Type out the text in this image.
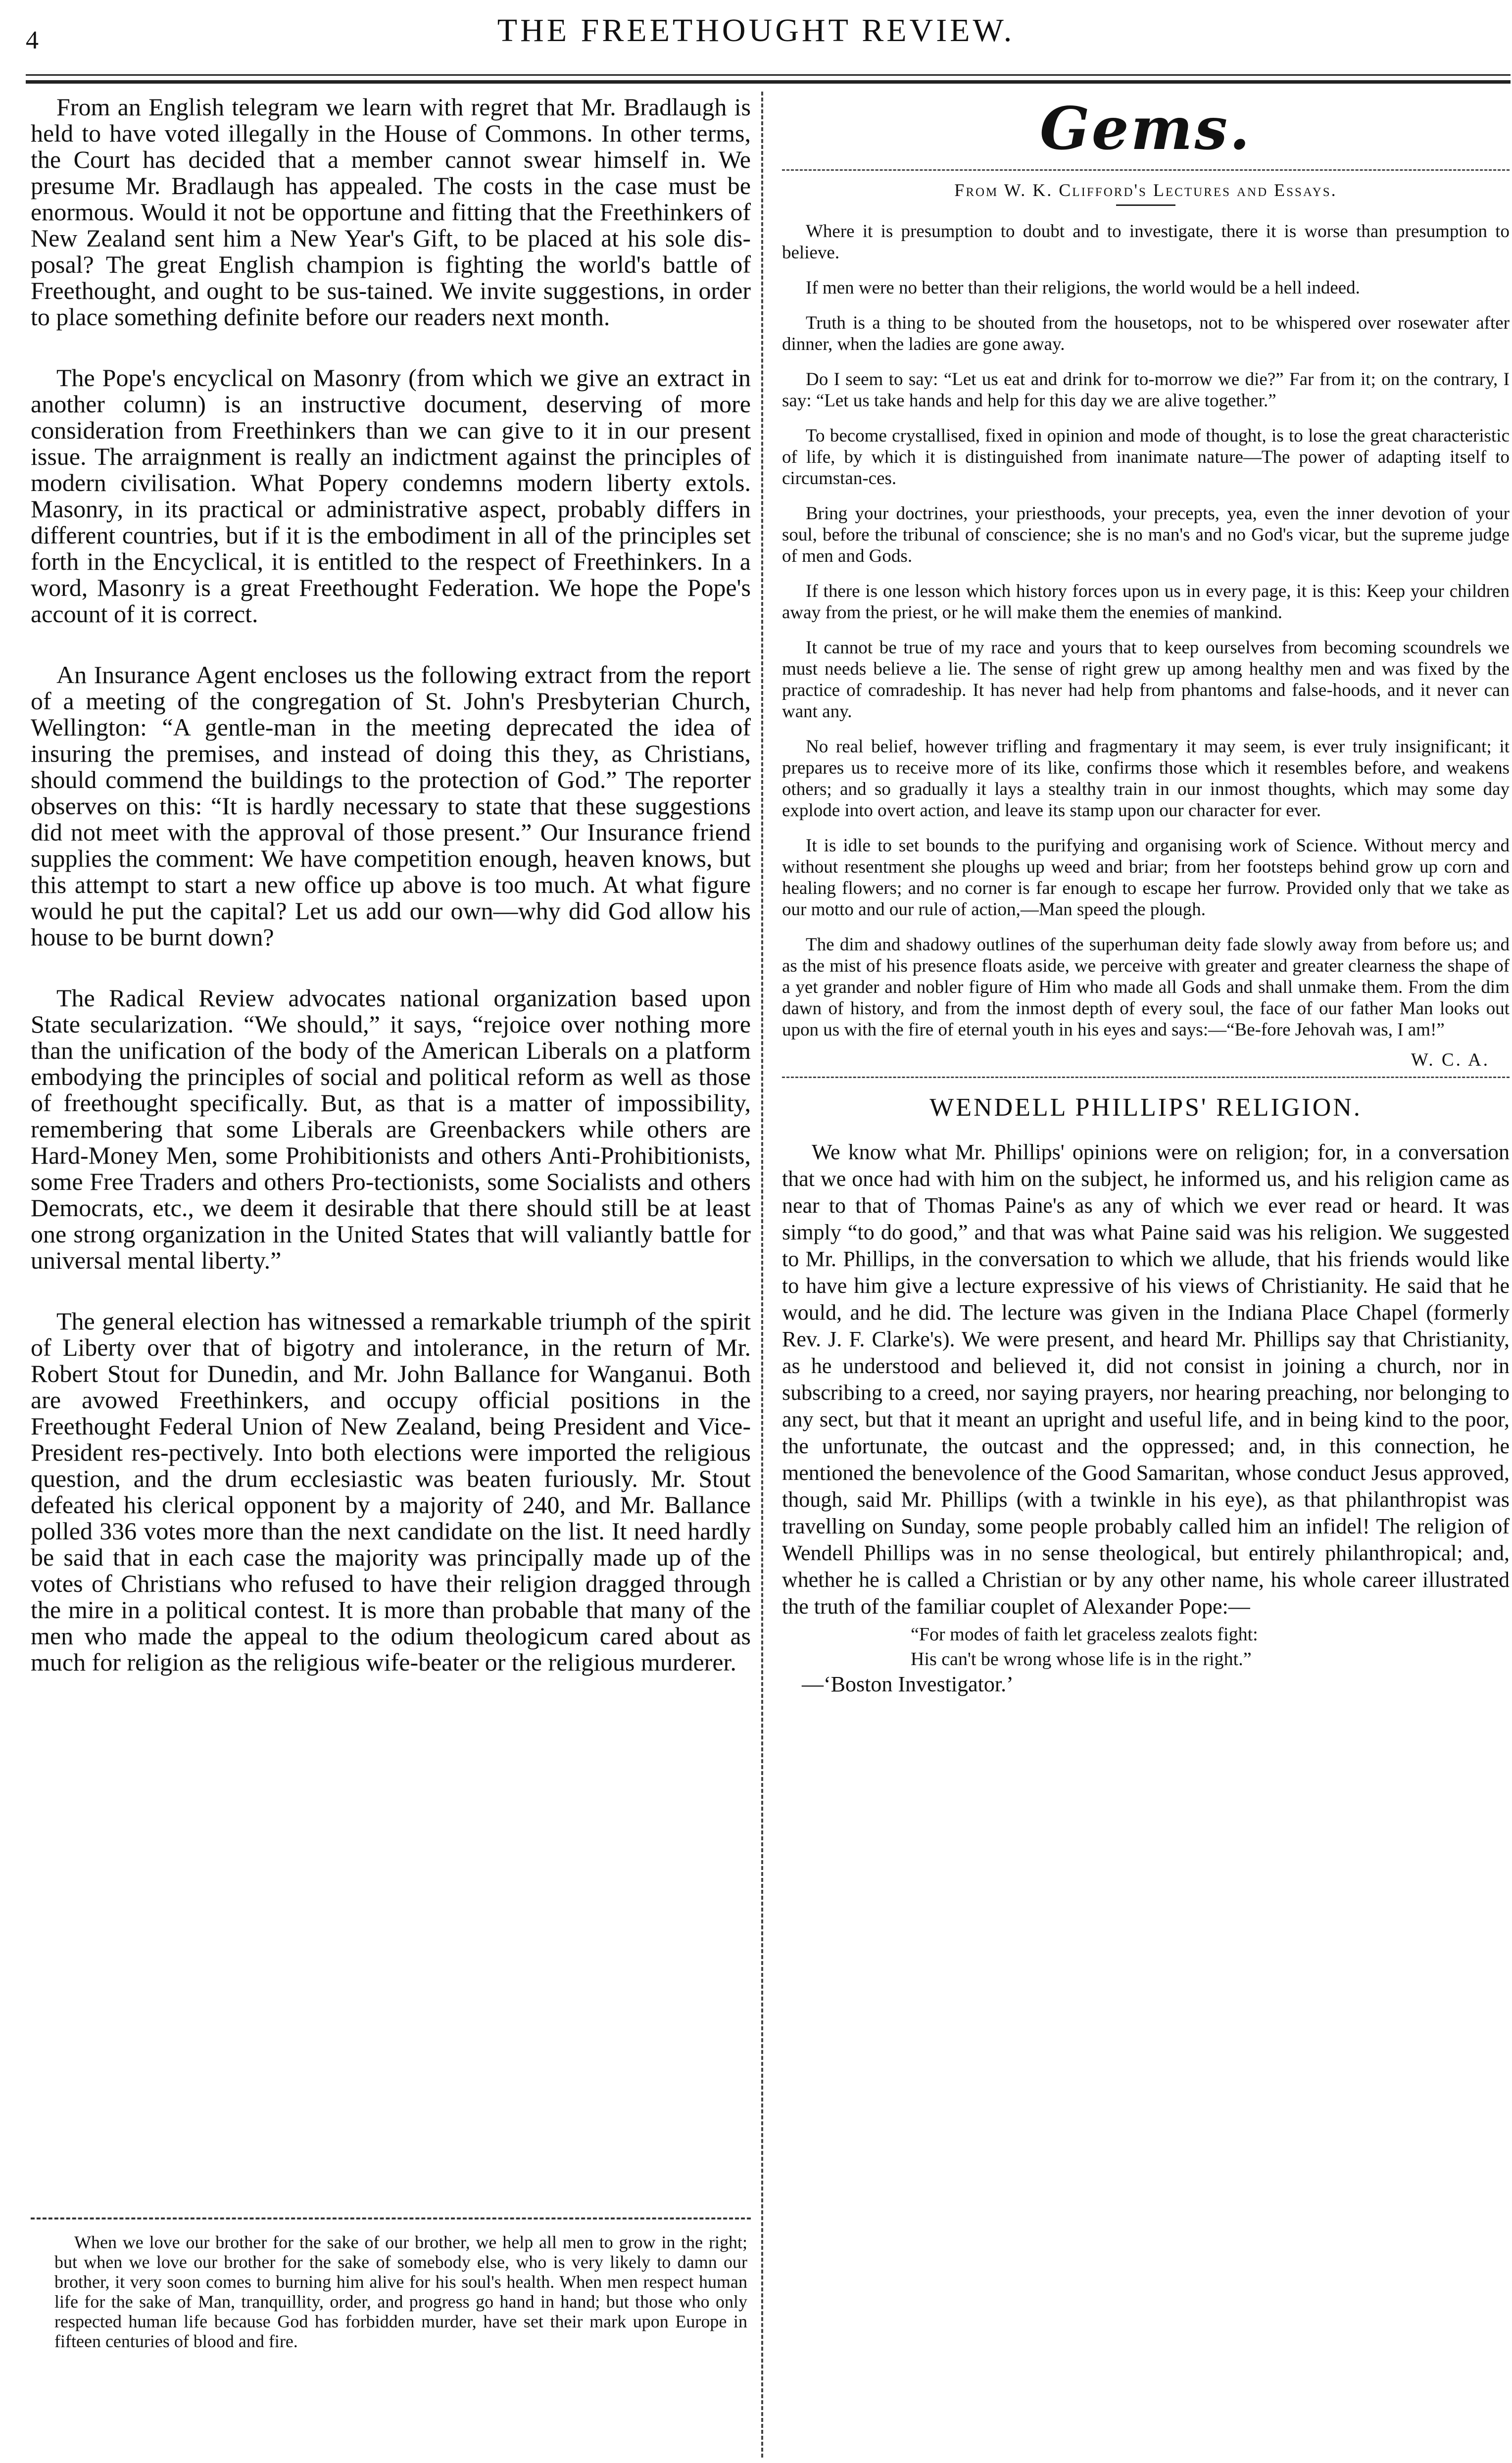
4	THE FREETHOUGHT REVIEW.

From an English telegram we learn with regret that Mr. Bradlaugh is held to have voted illegally in the House of Commons. In other terms, the Court has decided that a member cannot swear himself in. We presume Mr. Bradlaugh has appealed. The costs in the case must be enormous. Would it not be opportune and fitting that the Freethinkers of New Zealand sent him a New Year's Gift, to be placed at his sole dis-posal? The great English champion is fighting the world's battle of Freethought, and ought to be sus-tained. We invite suggestions, in order to place something definite before our readers next month.

The Pope's encyclical on Masonry (from which we give an extract in another column) is an instructive document, deserving of more consideration from Freethinkers than we can give to it in our present issue. The arraignment is really an indictment against the principles of modern civilisation. What Popery condemns modern liberty extols. Masonry, in its practical or administrative aspect, probably differs in different countries, but if it is the embodiment in all of the principles set forth in the Encyclical, it is entitled to the respect of Freethinkers. In a word, Masonry is a great Freethought Federation. We hope the Pope's account of it is correct.

An Insurance Agent encloses us the following extract from the report of a meeting of the congregation of St. John's Presbyterian Church, Wellington: “A gentle-man in the meeting deprecated the idea of insuring the premises, and instead of doing this they, as Christians, should commend the buildings to the protection of God.” The reporter observes on this: “It is hardly necessary to state that these suggestions did not meet with the approval of those present.” Our Insurance friend supplies the comment: We have competition enough, heaven knows, but this attempt to start a new office up above is too much. At what figure would he put the capital? Let us add our own—why did God allow his house to be burnt down?

The Radical Review advocates national organization based upon State secularization. “We should,” it says, “rejoice over nothing more than the unification of the body of the American Liberals on a platform embodying the principles of social and political reform as well as those of freethought specifically. But, as that is a matter of impossibility, remembering that some Liberals are Greenbackers while others are Hard-Money Men, some Prohibitionists and others Anti-Prohibitionists, some Free Traders and others Pro-tectionists, some Socialists and others Democrats, etc., we deem it desirable that there should still be at least one strong organization in the United States that will valiantly battle for universal mental liberty.”

The general election has witnessed a remarkable triumph of the spirit of Liberty over that of bigotry and intolerance, in the return of Mr. Robert Stout for Dunedin, and Mr. John Ballance for Wanganui. Both are avowed Freethinkers, and occupy official positions in the Freethought Federal Union of New Zealand, being President and Vice-President res-pectively. Into both elections were imported the religious question, and the drum ecclesiastic was beaten furiously. Mr. Stout defeated his clerical opponent by a majority of 240, and Mr. Ballance polled 336 votes more than the next candidate on the list. It need hardly be said that in each case the majority was principally made up of the votes of Christians who refused to have their religion dragged through the mire in a political contest. It is more than probable that many of the men who made the appeal to the odium theologicum cared about as much for religion as the religious wife-beater or the religious murderer.

When we love our brother for the sake of our brother, we help all men to grow in the right; but when we love our brother for the sake of somebody else, who is very likely to damn our brother, it very soon comes to burning him alive for his soul's health. When men respect human life for the sake of Man, tranquillity, order, and progress go hand in hand; but those who only respected human life because God has forbidden murder, have set their mark upon Europe in fifteen centuries of blood and fire.

Gems.
From W. K. Clifford's Lectures and Essays.

Where it is presumption to doubt and to investigate, there it is worse than presumption to believe.

If men were no better than their religions, the world would be a hell indeed.

Truth is a thing to be shouted from the housetops, not to be whispered over rosewater after dinner, when the ladies are gone away.

Do I seem to say: “Let us eat and drink for to-morrow we die?” Far from it; on the contrary, I say: “Let us take hands and help for this day we are alive together.”

To become crystallised, fixed in opinion and mode of thought, is to lose the great characteristic of life, by which it is distinguished from inanimate nature—The power of adapting itself to circumstan-ces.

Bring your doctrines, your priesthoods, your precepts, yea, even the inner devotion of your soul, before the tribunal of conscience; she is no man's and no God's vicar, but the supreme judge of men and Gods.

If there is one lesson which history forces upon us in every page, it is this: Keep your children away from the priest, or he will make them the enemies of mankind.

It cannot be true of my race and yours that to keep ourselves from becoming scoundrels we must needs believe a lie. The sense of right grew up among healthy men and was fixed by the practice of comradeship. It has never had help from phantoms and false-hoods, and it never can want any.

No real belief, however trifling and fragmentary it may seem, is ever truly insignificant; it prepares us to receive more of its like, confirms those which it resembles before, and weakens others; and so gradually it lays a stealthy train in our inmost thoughts, which may some day explode into overt action, and leave its stamp upon our character for ever.

It is idle to set bounds to the purifying and organising work of Science. Without mercy and without resentment she ploughs up weed and briar; from her footsteps behind grow up corn and healing flowers; and no corner is far enough to escape her furrow. Provided only that we take as our motto and our rule of action,—Man speed the plough.

The dim and shadowy outlines of the superhuman deity fade slowly away from before us; and as the mist of his presence floats aside, we perceive with greater and greater clearness the shape of a yet grander and nobler figure of Him who made all Gods and shall unmake them. From the dim dawn of history, and from the inmost depth of every soul, the face of our father Man looks out upon us with the fire of eternal youth in his eyes and says:—“Be-fore Jehovah was, I am!”

W. C. A.
WENDELL PHILLIPS' RELIGION.

We know what Mr. Phillips' opinions were on religion; for, in a conversation that we once had with him on the subject, he informed us, and his religion came as near to that of Thomas Paine's as any of which we ever read or heard. It was simply “to do good,” and that was what Paine said was his religion. We suggested to Mr. Phillips, in the conversation to which we allude, that his friends would like to have him give a lecture expressive of his views of Christianity. He said that he would, and he did. The lecture was given in the Indiana Place Chapel (formerly Rev. J. F. Clarke's). We were present, and heard Mr. Phillips say that Christianity, as he understood and believed it, did not consist in joining a church, nor in subscribing to a creed, nor saying prayers, nor hearing preaching, nor belonging to any sect, but that it meant an upright and useful life, and in being kind to the poor, the unfortunate, the outcast and the oppressed; and, in this connection, he mentioned the benevolence of the Good Samaritan, whose conduct Jesus approved, though, said Mr. Phillips (with a twinkle in his eye), as that philanthropist was travelling on Sunday, some people probably called him an infidel! The religion of Wendell Phillips was in no sense theological, but entirely philanthropical; and, whether he is called a Christian or by any other name, his whole career illustrated the truth of the familiar couplet of Alexander Pope:—

“For modes of faith let graceless zealots fight:
His can't be wrong whose life is in the right.”
—‘Boston Investigator.’
